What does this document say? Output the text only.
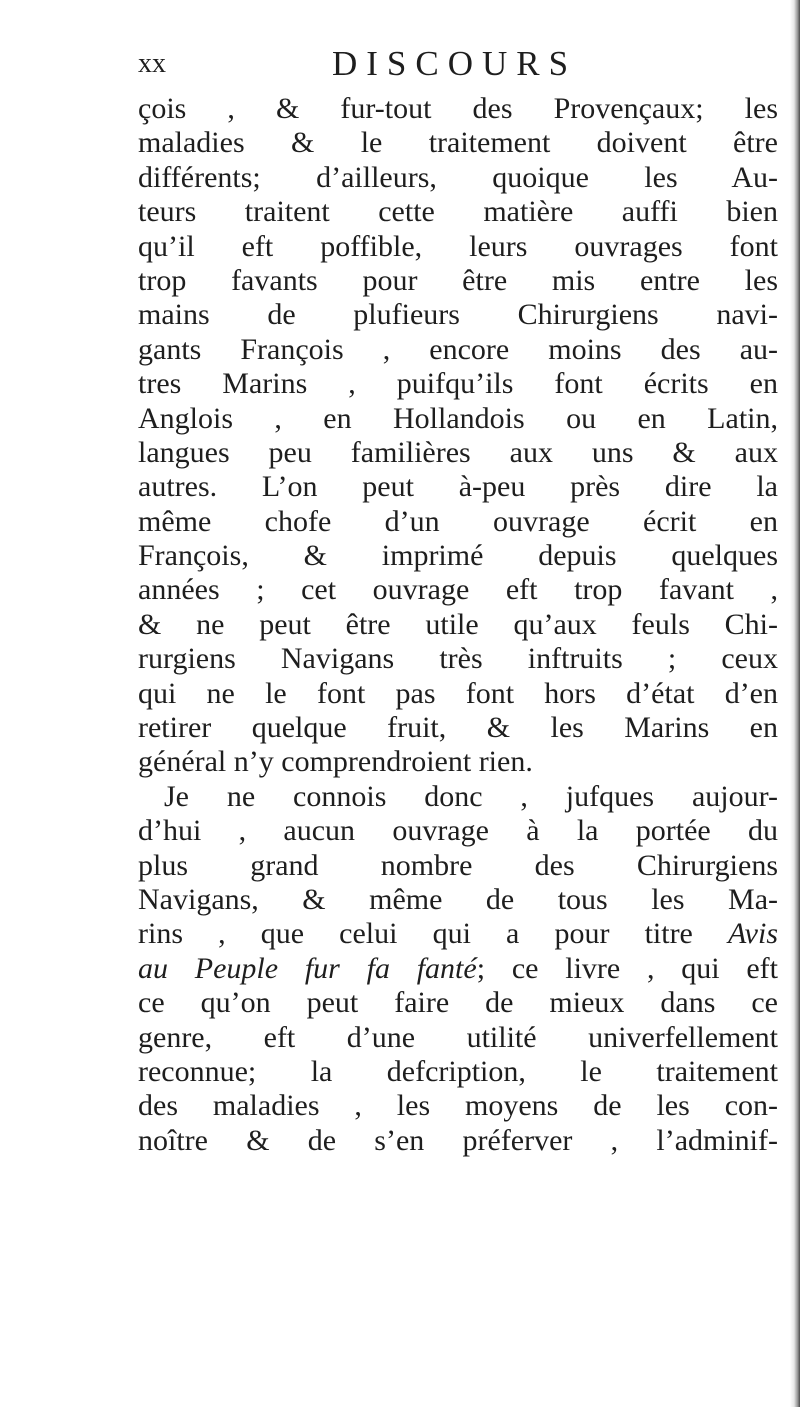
xx	DISCOURS
çois , & fur-tout des Provençaux; les
maladies & le traitement doivent être
différents; d’ailleurs, quoique les Au-
teurs traitent cette matière auffi bien
qu’il eft poffible, leurs ouvrages font
trop favants pour être mis entre les
mains de plufieurs Chirurgiens navi-
gants François , encore moins des au-
tres Marins , puifqu’ils font écrits en
Anglois , en Hollandois ou en Latin,
langues peu familières aux uns & aux
autres. L’on peut à-peu près dire la
même chofe d’un ouvrage écrit en
François, & imprimé depuis quelques
années ; cet ouvrage eft trop favant ,
& ne peut être utile qu’aux feuls Chi-
rurgiens Navigans très inftruits ; ceux
qui ne le font pas font hors d’état d’en
retirer quelque fruit, & les Marins en
général n’y comprendroient rien.
Je ne connois donc , jufques aujour-
d’hui , aucun ouvrage à la portée du
plus grand nombre des Chirurgiens
Navigans, & même de tous les Ma-
rins , que celui qui a pour titre Avis
au Peuple fur fa fanté; ce livre , qui eft
ce qu’on peut faire de mieux dans ce
genre, eft d’une utilité univerfellement
reconnue; la defcription, le traitement
des maladies , les moyens de les con-
noître & de s’en préferver , l’adminif-
